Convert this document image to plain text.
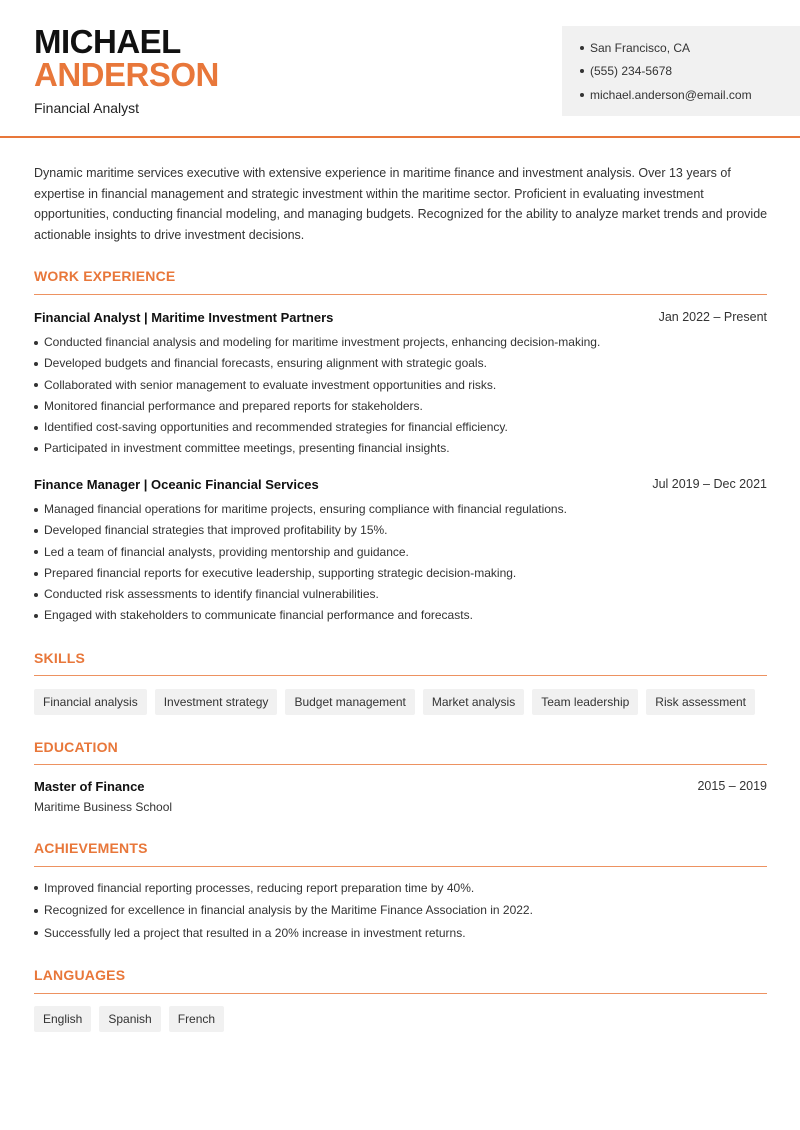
MICHAEL
ANDERSON
Financial Analyst
San Francisco, CA
(555) 234-5678
michael.anderson@email.com
Dynamic maritime services executive with extensive experience in maritime finance and investment analysis. Over 13 years of expertise in financial management and strategic investment within the maritime sector. Proficient in evaluating investment opportunities, conducting financial modeling, and managing budgets. Recognized for the ability to analyze market trends and provide actionable insights to drive investment decisions.
WORK EXPERIENCE
Financial Analyst | Maritime Investment Partners	Jan 2022 – Present
Conducted financial analysis and modeling for maritime investment projects, enhancing decision-making.
Developed budgets and financial forecasts, ensuring alignment with strategic goals.
Collaborated with senior management to evaluate investment opportunities and risks.
Monitored financial performance and prepared reports for stakeholders.
Identified cost-saving opportunities and recommended strategies for financial efficiency.
Participated in investment committee meetings, presenting financial insights.
Finance Manager | Oceanic Financial Services	Jul 2019 – Dec 2021
Managed financial operations for maritime projects, ensuring compliance with financial regulations.
Developed financial strategies that improved profitability by 15%.
Led a team of financial analysts, providing mentorship and guidance.
Prepared financial reports for executive leadership, supporting strategic decision-making.
Conducted risk assessments to identify financial vulnerabilities.
Engaged with stakeholders to communicate financial performance and forecasts.
SKILLS
Financial analysis	Investment strategy	Budget management	Market analysis	Team leadership	Risk assessment
EDUCATION
Master of Finance	2015 – 2019
Maritime Business School
ACHIEVEMENTS
Improved financial reporting processes, reducing report preparation time by 40%.
Recognized for excellence in financial analysis by the Maritime Finance Association in 2022.
Successfully led a project that resulted in a 20% increase in investment returns.
LANGUAGES
English	Spanish	French
